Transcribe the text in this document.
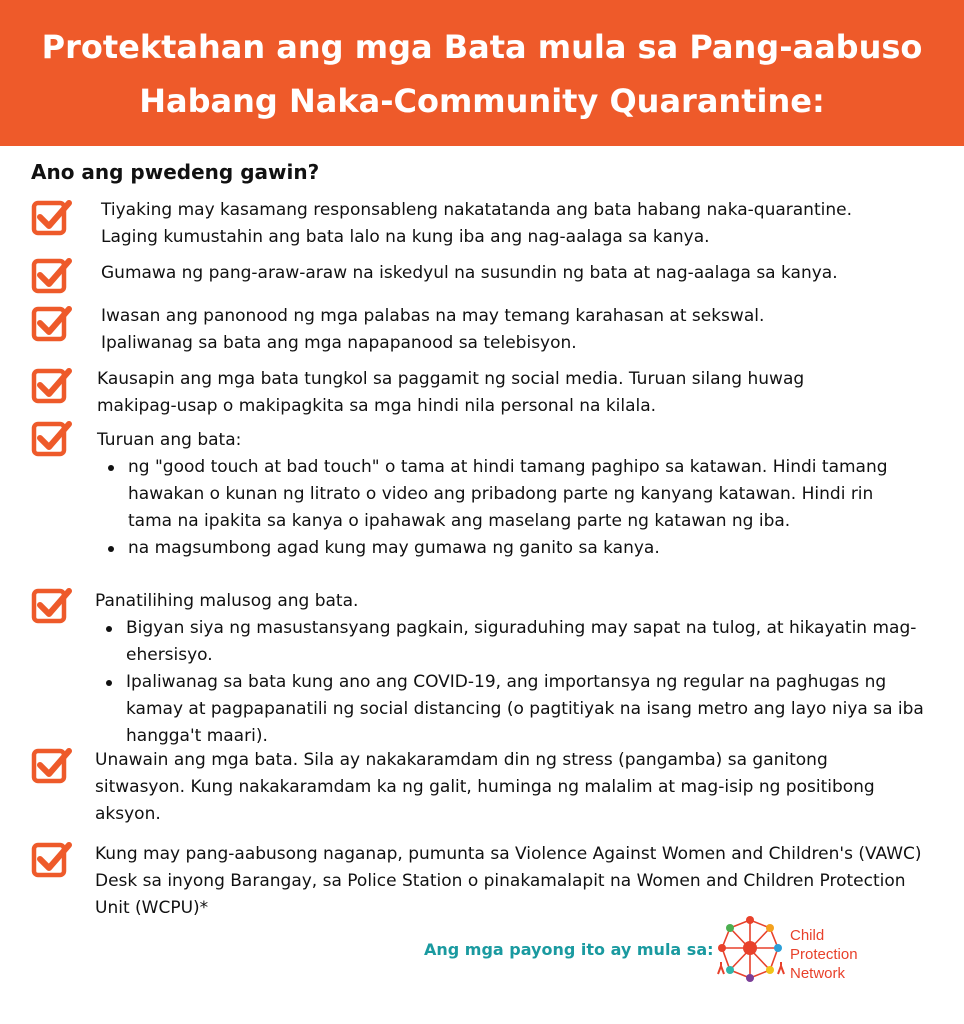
Protektahan ang mga Bata mula sa Pang-aabuso
Habang Naka-Community Quarantine:
Ano ang pwedeng gawin?
Tiyaking may kasamang responsableng nakatatanda ang bata habang naka-quarantine. Laging kumustahin ang bata lalo na kung iba ang nag-aalaga sa kanya.
Gumawa ng pang-araw-araw na iskedyul na susundin ng bata at nag-aalaga sa kanya.
Iwasan ang panonood ng mga palabas na may temang karahasan at sekswal. Ipaliwanag sa bata ang mga napapanood sa telebisyon.
Kausapin ang mga bata tungkol sa paggamit ng social media. Turuan silang huwag makipag-usap o makipagkita sa mga hindi nila personal na kilala.
Turuan ang bata:
ng "good touch at bad touch" o tama at hindi tamang paghipo sa katawan. Hindi tamang hawakan o kunan ng litrato o video ang pribadong parte ng kanyang katawan. Hindi rin tama na ipakita sa kanya o ipahawak ang maselang parte ng katawan ng iba.
na magsumbong agad kung may gumawa ng ganito sa kanya.
Panatilihing malusog ang bata.
Bigyan siya ng masustansyang pagkain, siguraduhing may sapat na tulog, at hikayatin mag-ehersisyo.
Ipaliwanag sa bata kung ano ang COVID-19, ang importansya ng regular na paghugas ng kamay at pagpapanatili ng social distancing (o pagtitiyak na isang metro ang layo niya sa iba hangga't maari).
Unawain ang mga bata. Sila ay nakakaramdam din ng stress (pangamba) sa ganitong sitwasyon. Kung nakakaramdam ka ng galit, huminga ng malalim at mag-isip ng positibong aksyon.
Kung may pang-aabusong naganap, pumunta sa Violence Against Women and Children's (VAWC) Desk sa inyong Barangay, sa Police Station o pinakamalapit na Women and Children Protection Unit (WCPU)*
Ang mga payong ito ay mula sa:
Child
Protection
Network
